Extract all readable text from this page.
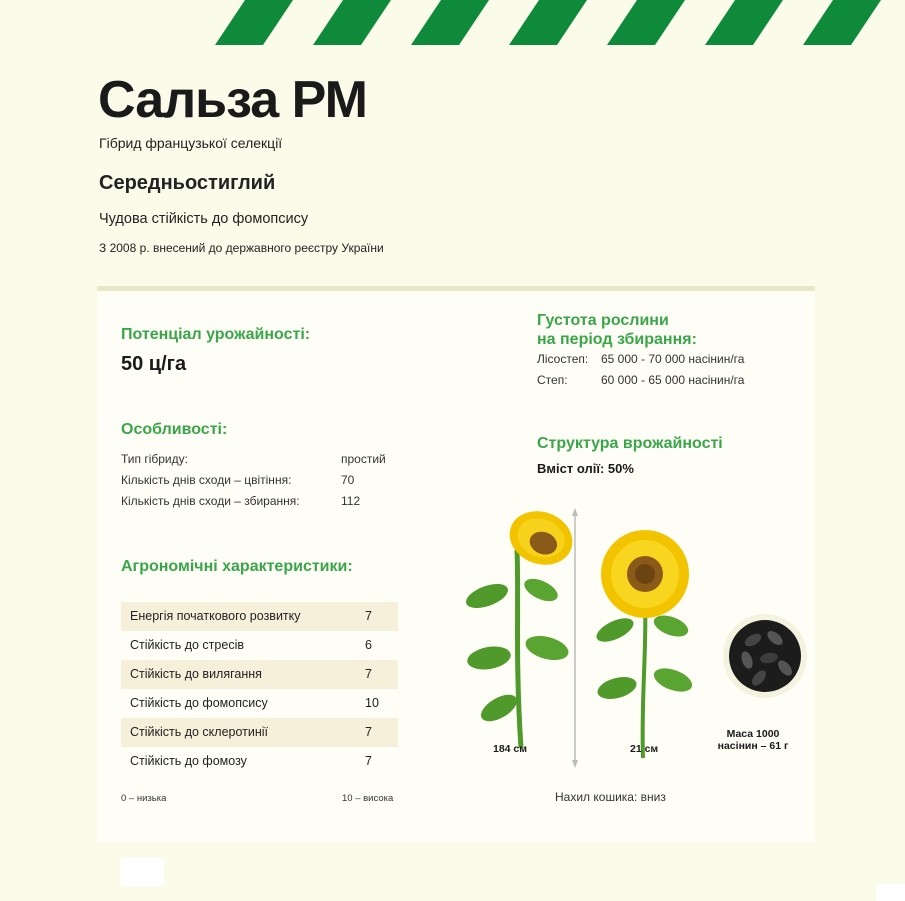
Сальза РМ
Гібрид французької селекції
Середньостиглий
Чудова стійкість до фомопсису
З 2008 р. внесений до державного реєстру України
Потенціал урожайності:
50 ц/га
Особливості:
Тип гібриду:	простий
Кількість днів сходи – цвітіння:	70
Кількість днів сходи – збирання:	112
Агрономічні характеристики:
Енергія початкового розвитку	7
Стійкість до стресів	6
Стійкість до вилягання	7
Стійкість до фомопсису	10
Стійкість до склеротинії	7
Стійкість до фомозу	7
0 – низька	10 – висока
Густота рослини
на період збирання:
Лісостеп: 65 000 - 70 000 насінин/га
Степ:	60 000 - 65 000 насінин/га
Структура врожайності
Вміст олії: 50%
184 см	21 см
Маса 1000
насінин – 61 г
Нахил кошика: вниз
